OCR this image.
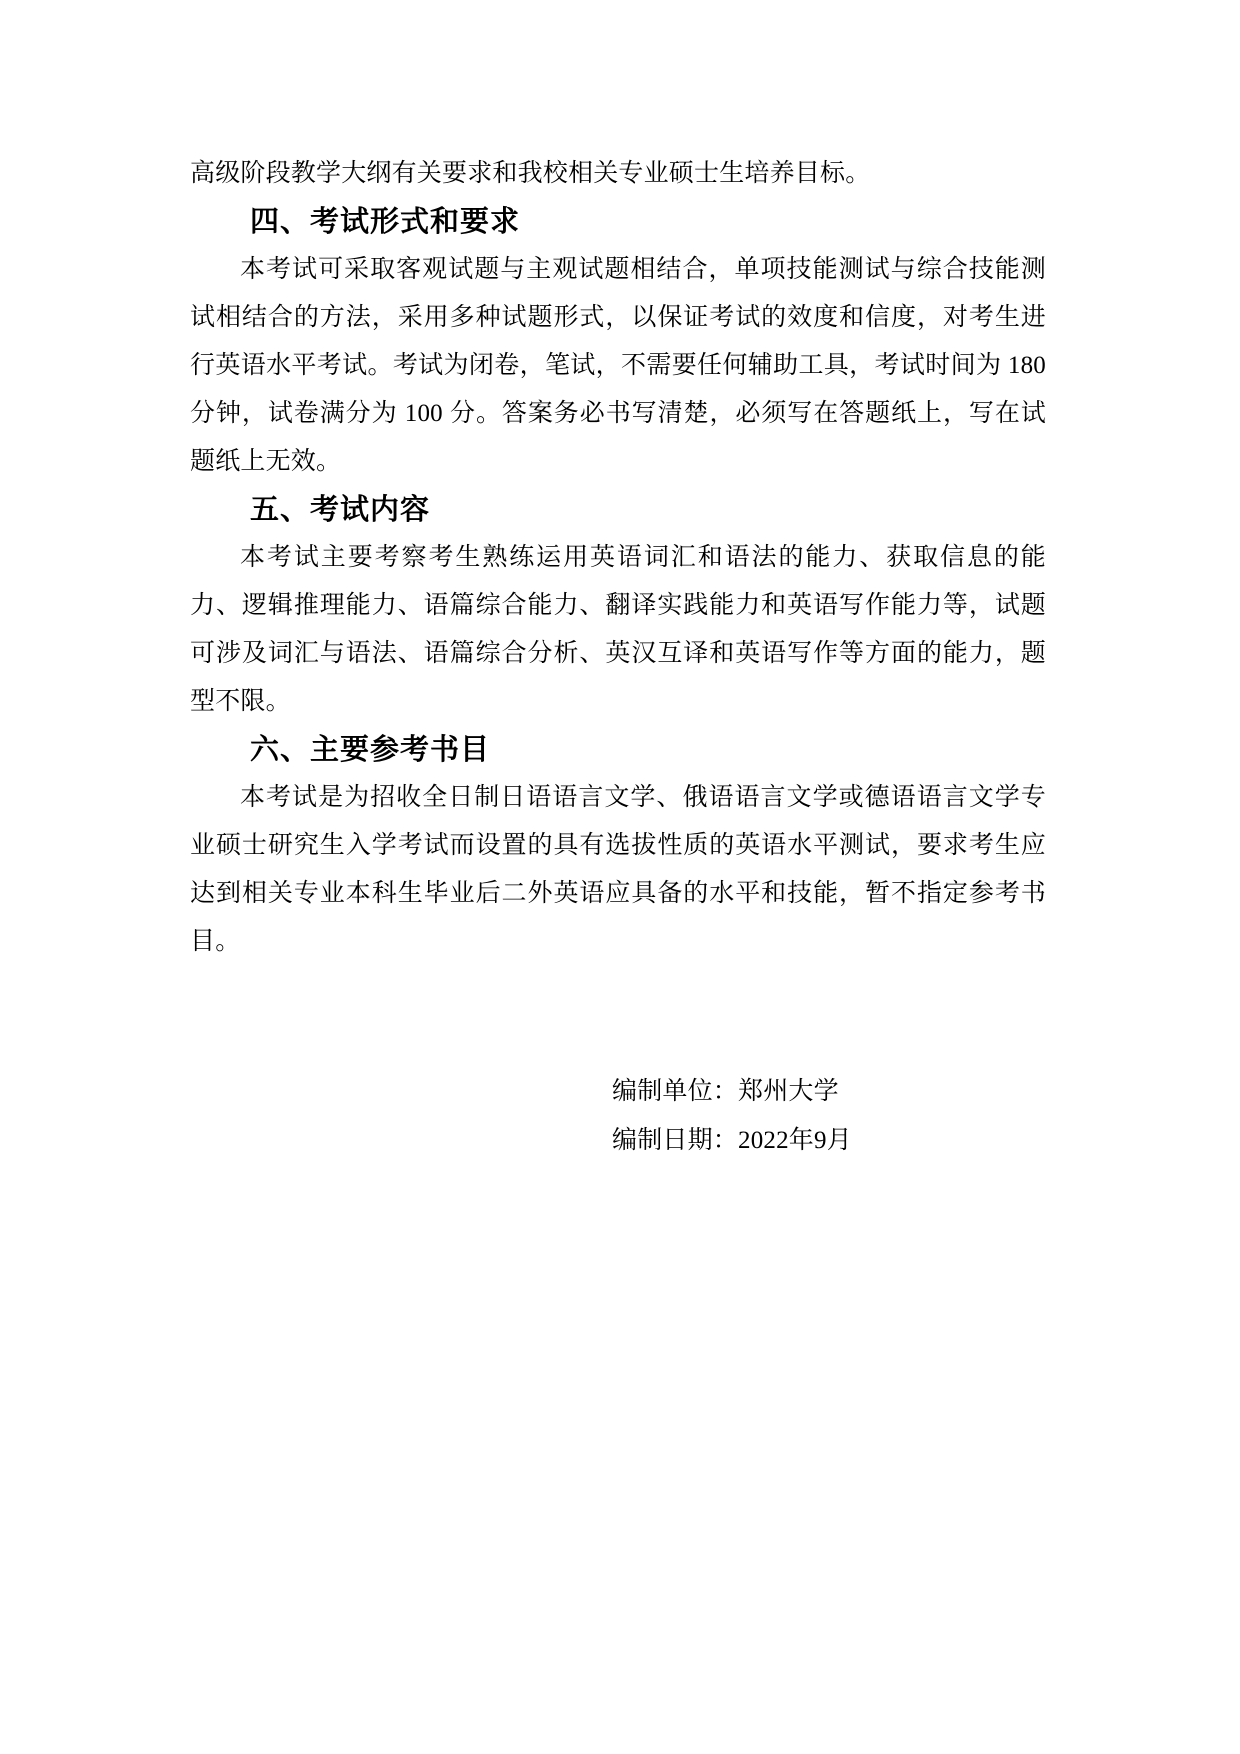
高级阶段教学大纲有关要求和我校相关专业硕士生培养目标。

四、考试形式和要求

本考试可采取客观试题与主观试题相结合，单项技能测试与综合技能测试相结合的方法，采用多种试题形式，以保证考试的效度和信度，对考生进行英语水平考试。考试为闭卷，笔试，不需要任何辅助工具，考试时间为 180 分钟，试卷满分为 100 分。答案务必书写清楚，必须写在答题纸上，写在试题纸上无效。

五、考试内容

本考试主要考察考生熟练运用英语词汇和语法的能力、获取信息的能力、逻辑推理能力、语篇综合能力、翻译实践能力和英语写作能力等，试题可涉及词汇与语法、语篇综合分析、英汉互译和英语写作等方面的能力，题型不限。

六、主要参考书目

本考试是为招收全日制日语语言文学、俄语语言文学或德语语言文学专业硕士研究生入学考试而设置的具有选拔性质的英语水平测试，要求考生应达到相关专业本科生毕业后二外英语应具备的水平和技能，暂不指定参考书目。

编制单位：郑州大学

编制日期：2022年9月
